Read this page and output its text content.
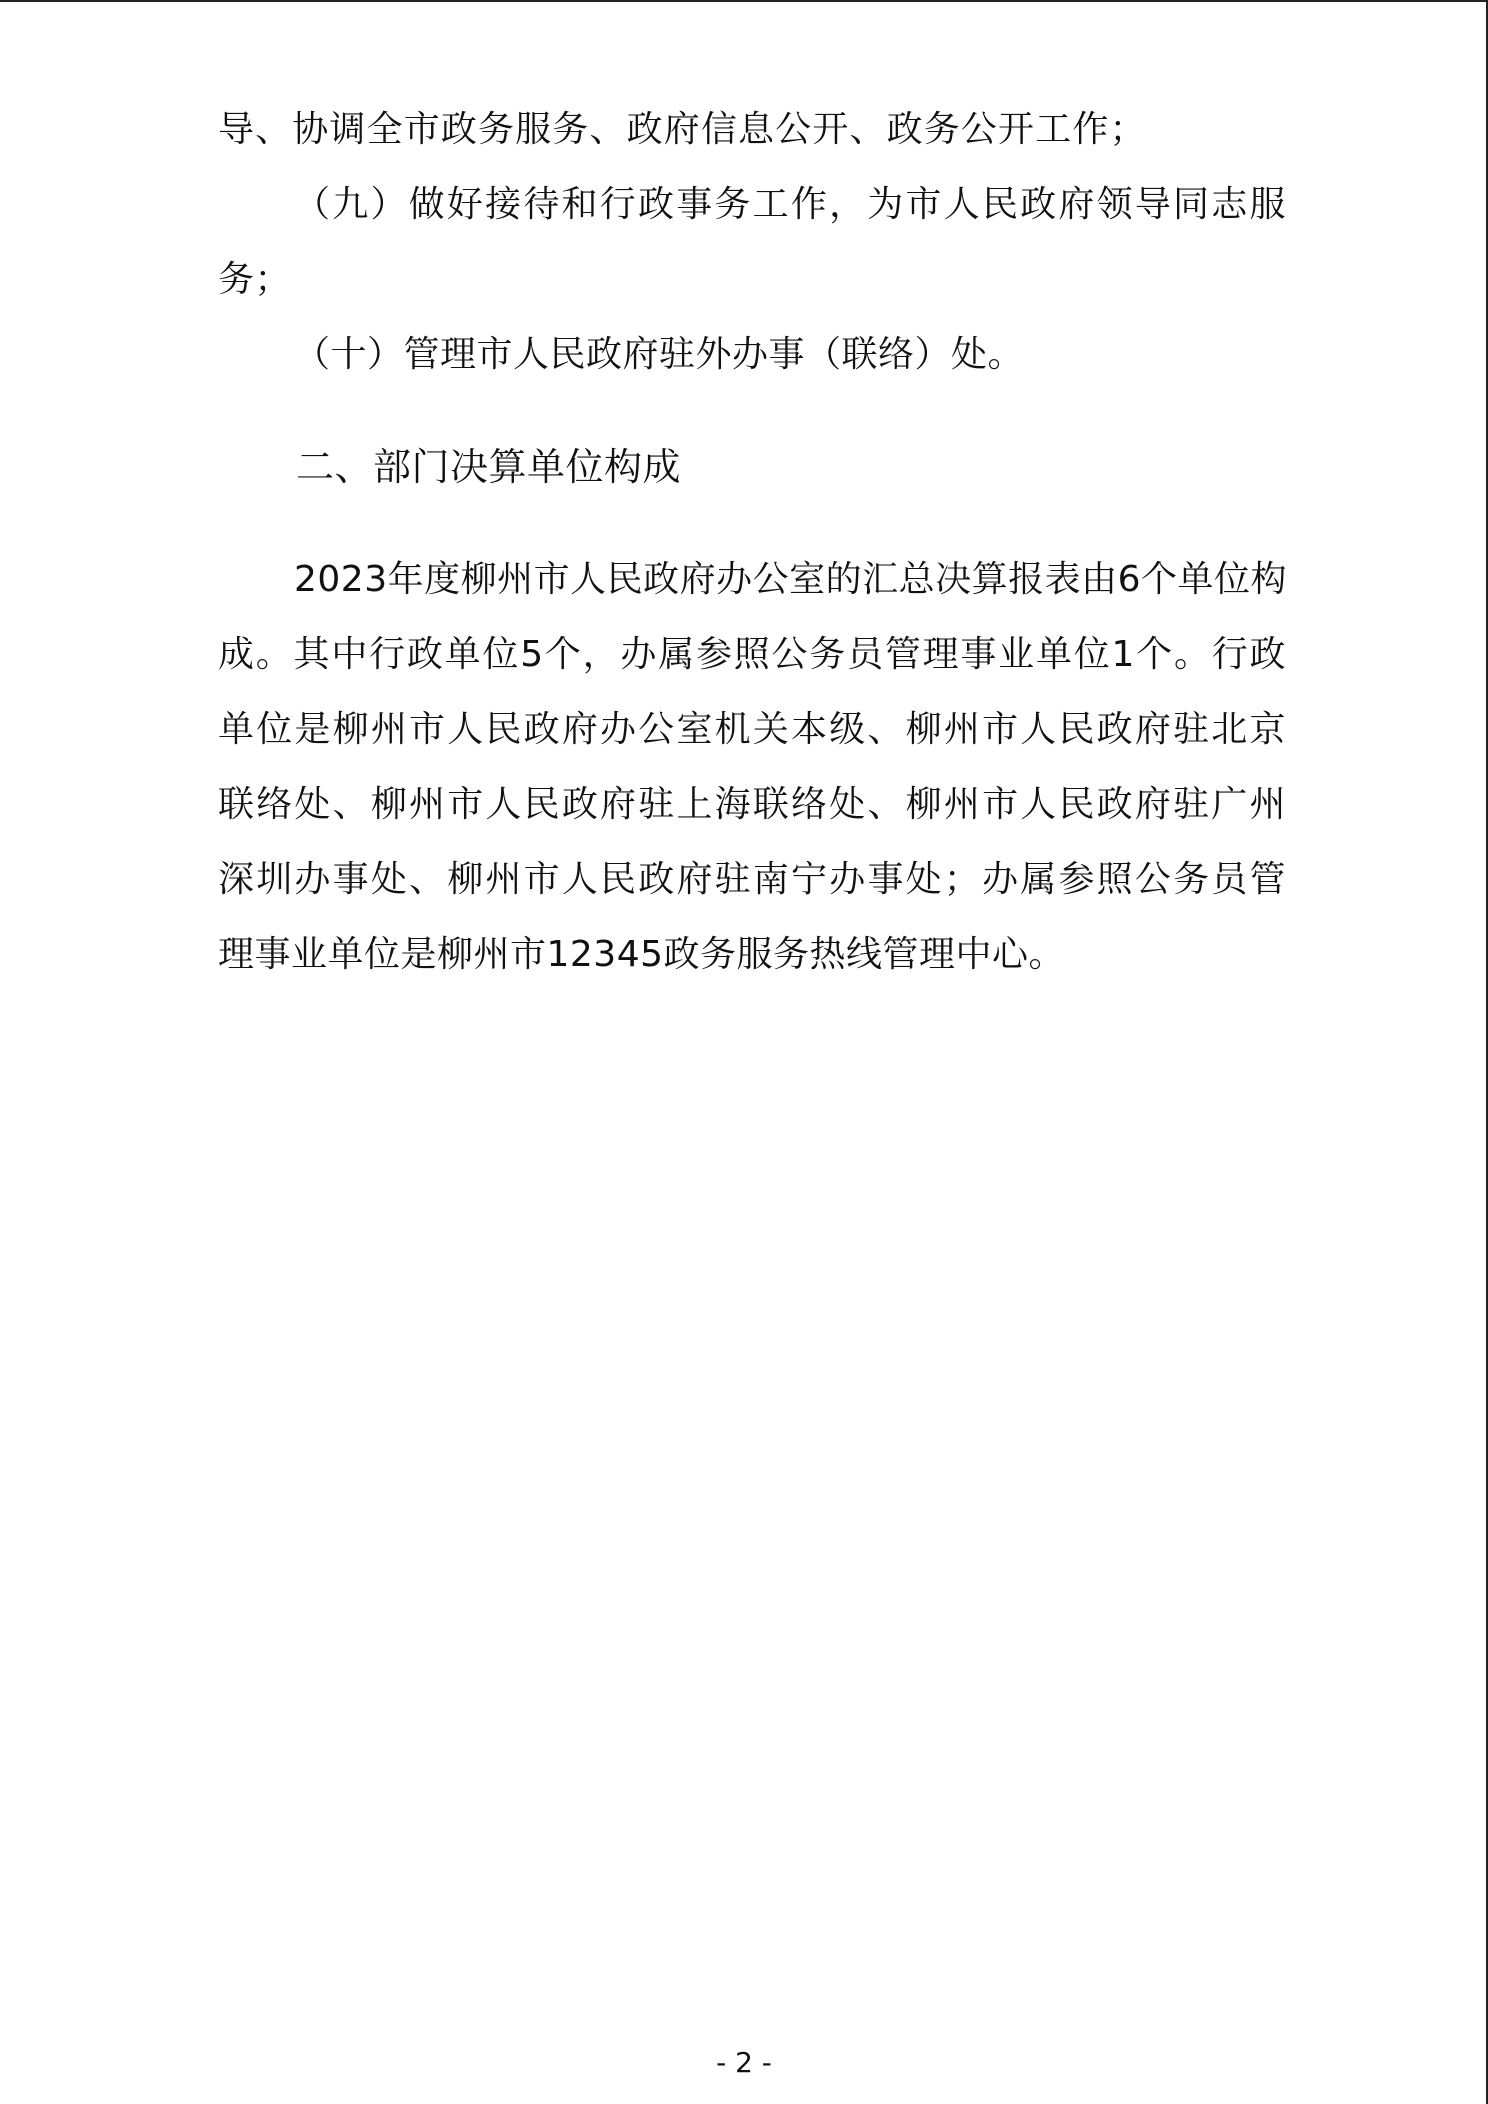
导、协调全市政务服务、政府信息公开、政务公开工作；
（九）做好接待和行政事务工作，为市人民政府领导同志服
务；
（十）管理市人民政府驻外办事（联络）处。
二、部门决算单位构成
2023年度柳州市人民政府办公室的汇总决算报表由6个单位构
成。其中行政单位5个，办属参照公务员管理事业单位1个。行政
单位是柳州市人民政府办公室机关本级、柳州市人民政府驻北京
联络处、柳州市人民政府驻上海联络处、柳州市人民政府驻广州
深圳办事处、柳州市人民政府驻南宁办事处；办属参照公务员管
理事业单位是柳州市12345政务服务热线管理中心。
- 2 -
